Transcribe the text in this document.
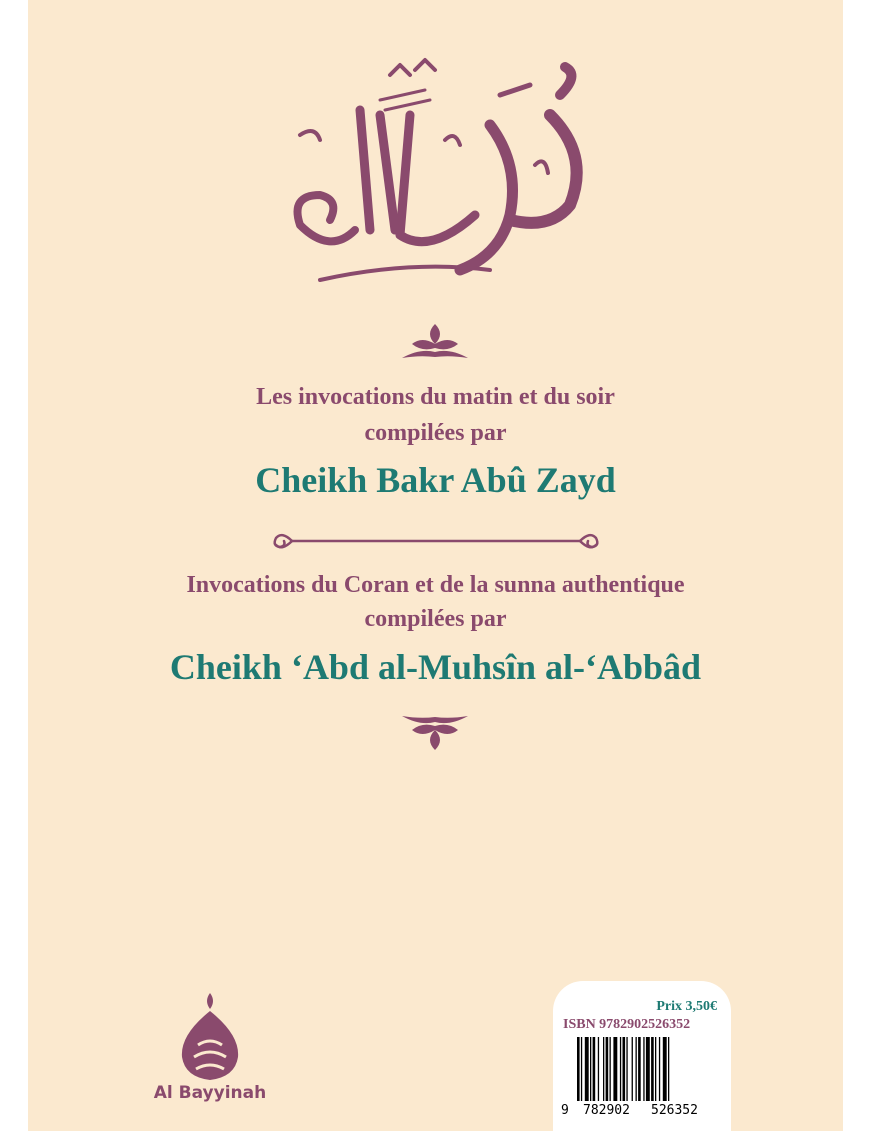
Les invocations du matin et du soir

compilées par

Cheikh Bakr Abû Zayd

Invocations du Coran et de la sunna authentique

compilées par

Cheikh ‘Abd al-Muhsîn al-‘Abbâd

Al Bayyinah
Prix 3,50€
ISBN 9782902526352
9 782902 526352
